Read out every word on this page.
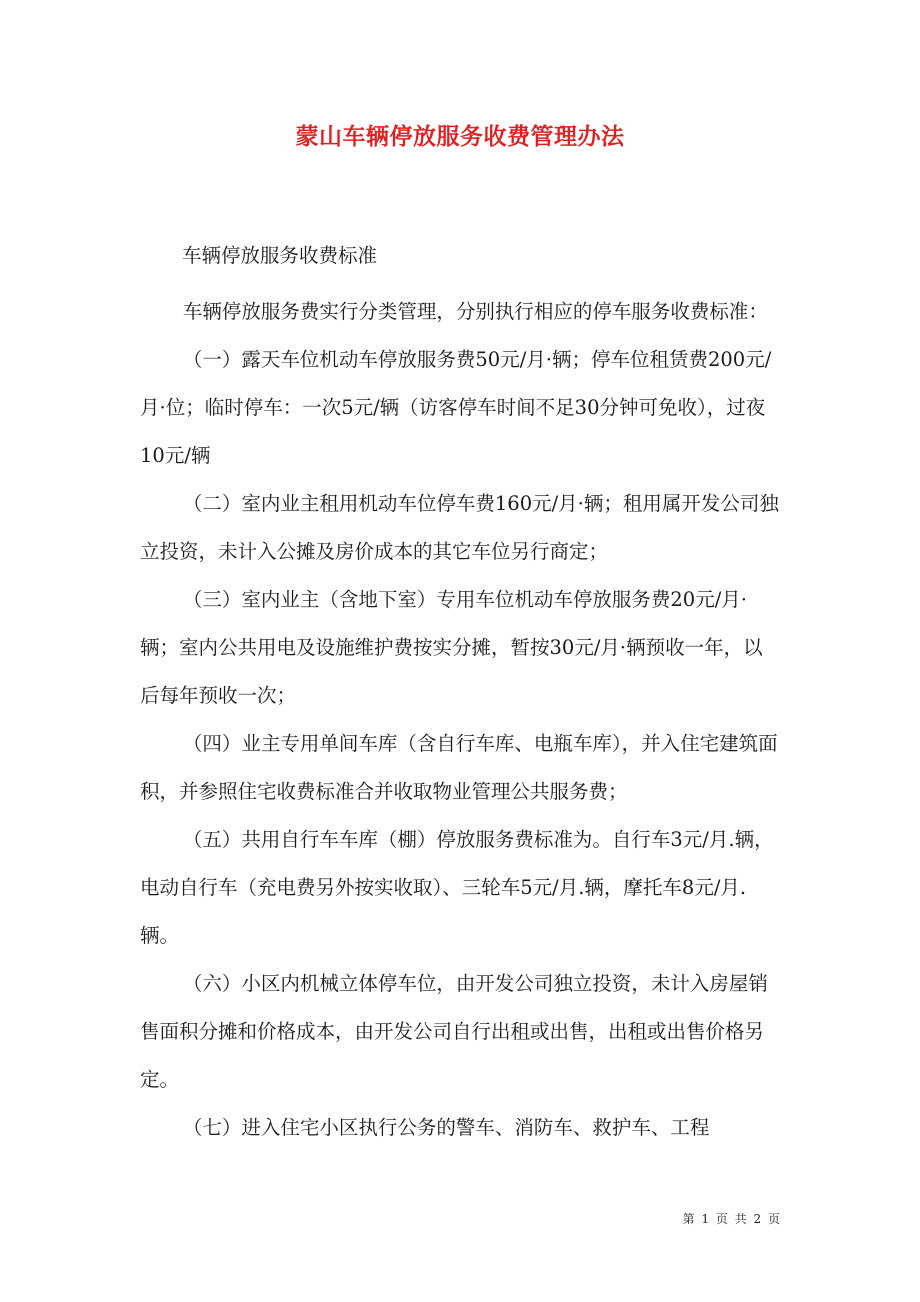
蒙山车辆停放服务收费管理办法
车辆停放服务收费标准

车辆停放服务费实行分类管理，分别执行相应的停车服务收费标准：

（一）露天车位机动车停放服务费50元/月·辆；停车位租赁费200元/月·位；临时停车：一次5元/辆（访客停车时间不足30分钟可免收），过夜10元/辆

（二）室内业主租用机动车位停车费160元/月·辆；租用属开发公司独立投资，未计入公摊及房价成本的其它车位另行商定；

（三）室内业主（含地下室）专用车位机动车停放服务费20元/月·辆；室内公共用电及设施维护费按实分摊，暂按30元/月·辆预收一年，以后每年预收一次；

（四）业主专用单间车库（含自行车库、电瓶车库），并入住宅建筑面积，并参照住宅收费标准合并收取物业管理公共服务费；

（五）共用自行车车库（棚）停放服务费标准为。自行车3元/月.辆，电动自行车（充电费另外按实收取）、三轮车5元/月.辆，摩托车8元/月.辆。

（六）小区内机械立体停车位，由开发公司独立投资，未计入房屋销售面积分摊和价格成本，由开发公司自行出租或出售，出租或出售价格另定。

（七）进入住宅小区执行公务的警车、消防车、救护车、工程

第 1 页 共 2 页
